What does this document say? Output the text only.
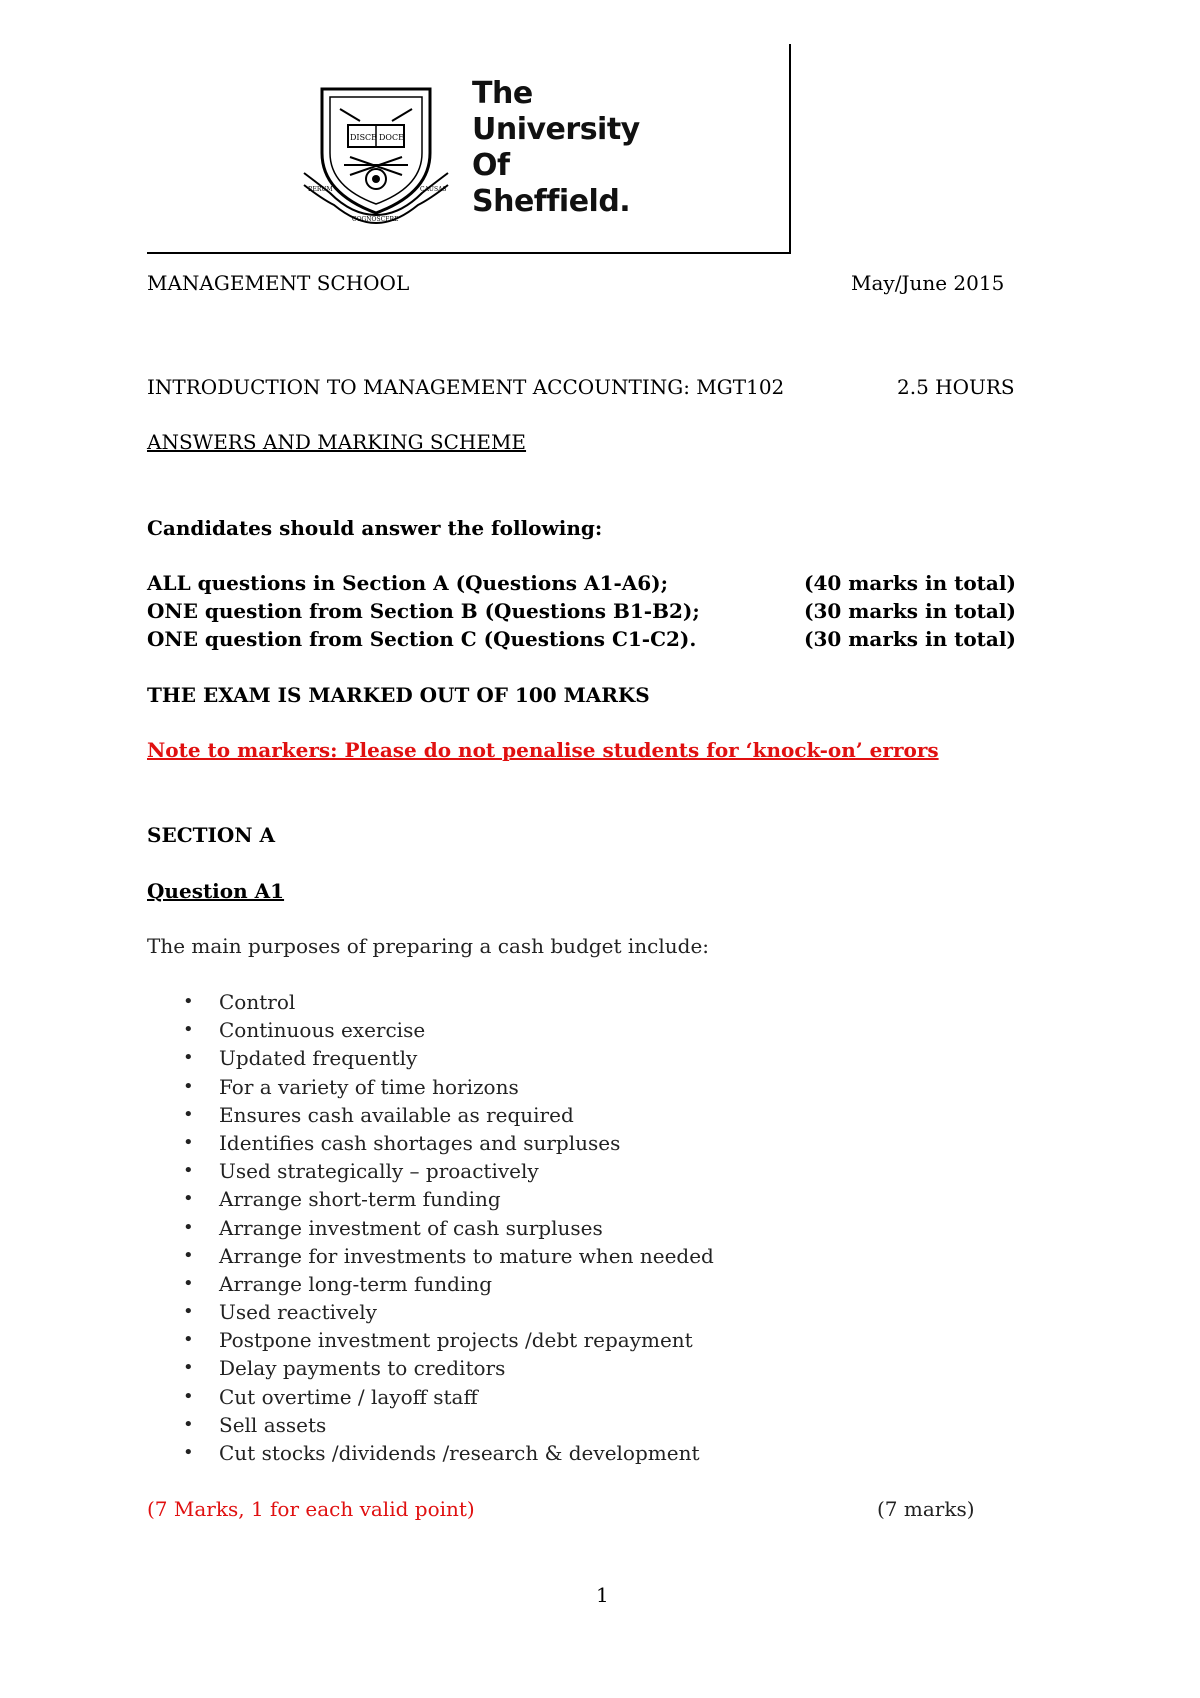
DISCE DOCE
RERUM
COGNOSCERE
CAUSAS
The
University
Of
Sheffield.
MANAGEMENT SCHOOL	May/June 2015
INTRODUCTION TO MANAGEMENT ACCOUNTING: MGT102	2.5 HOURS
ANSWERS AND MARKING SCHEME
Candidates should answer the following:
ALL questions in Section A (Questions A1-A6);	(40 marks in total)
ONE question from Section B (Questions B1-B2);	(30 marks in total)
ONE question from Section C (Questions C1-C2).	(30 marks in total)
THE EXAM IS MARKED OUT OF 100 MARKS
Note to markers: Please do not penalise students for ‘knock-on’ errors
SECTION A
Question A1
The main purposes of preparing a cash budget include:
•	Control
•	Continuous exercise
•	Updated frequently
•	For a variety of time horizons
•	Ensures cash available as required
•	Identifies cash shortages and surpluses
•	Used strategically – proactively
•	Arrange short-term funding
•	Arrange investment of cash surpluses
•	Arrange for investments to mature when needed
•	Arrange long-term funding
•	Used reactively
•	Postpone investment projects /debt repayment
•	Delay payments to creditors
•	Cut overtime / layoff staff
•	Sell assets
•	Cut stocks /dividends /research & development
(7 Marks, 1 for each valid point)	(7 marks)
1
